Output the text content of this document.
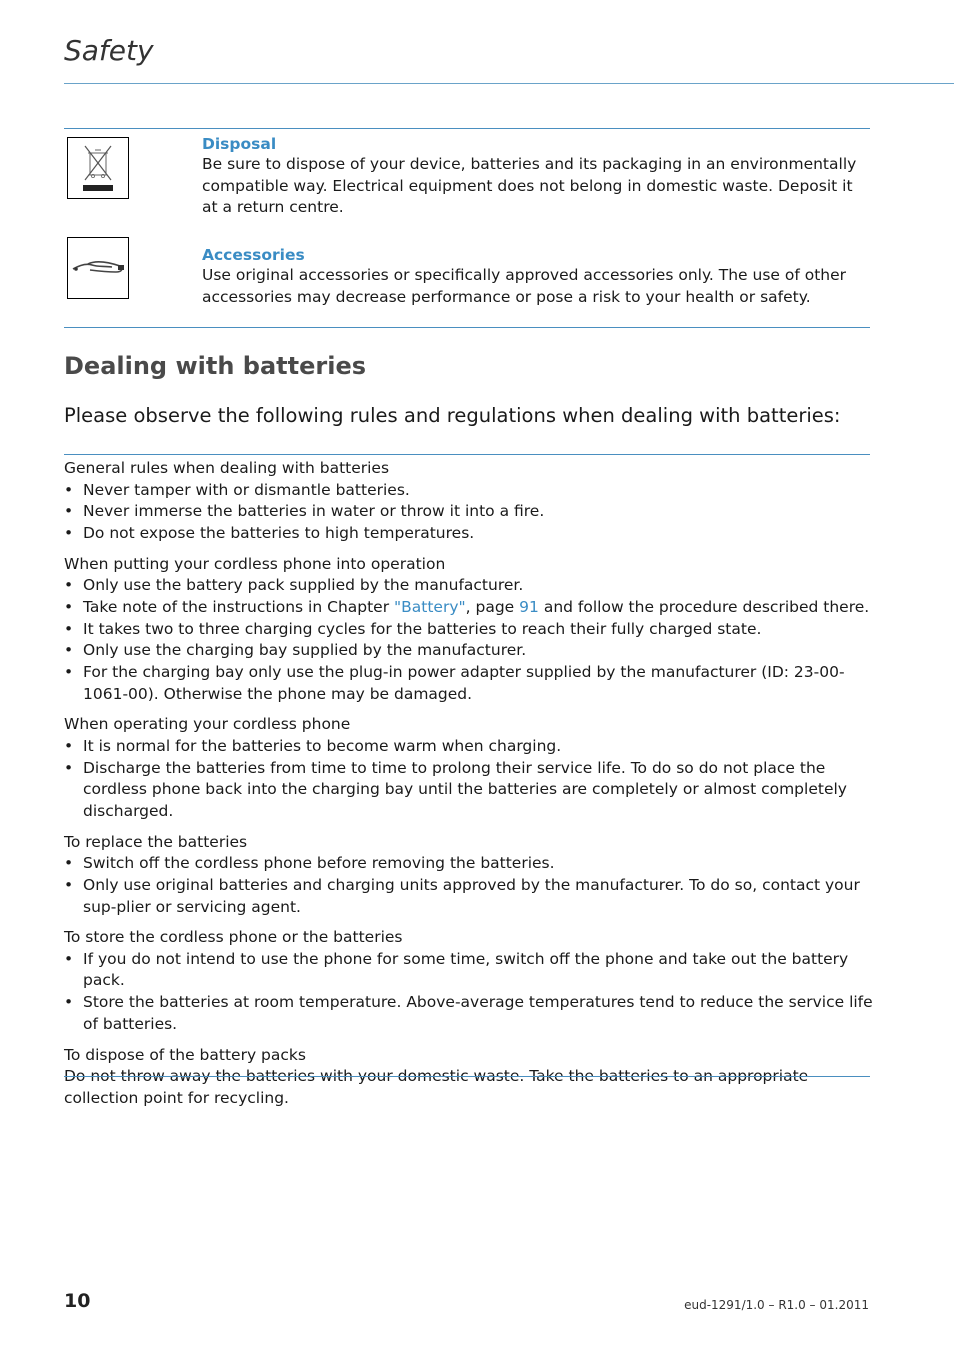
Safety
Disposal
Be sure to dispose of your device, batteries and its packaging in an environmentally compatible way. Electrical equipment does not belong in domestic waste. Deposit it at a return centre.
Accessories
Use original accessories or specifically approved accessories only. The use of other accessories may decrease performance or pose a risk to your health or safety.
Dealing with batteries
Please observe the following rules and regulations when dealing with batteries:
General rules when dealing with batteries
• Never tamper with or dismantle batteries.
• Never immerse the batteries in water or throw it into a fire.
• Do not expose the batteries to high temperatures.
When putting your cordless phone into operation
• Only use the battery pack supplied by the manufacturer.
• Take note of the instructions in Chapter "Battery", page 91 and follow the procedure described there.
• It takes two to three charging cycles for the batteries to reach their fully charged state.
• Only use the charging bay supplied by the manufacturer.
• For the charging bay only use the plug-in power adapter supplied by the manufacturer (ID: 23-00-1061-00). Otherwise the phone may be damaged.
When operating your cordless phone
• It is normal for the batteries to become warm when charging.
• Discharge the batteries from time to time to prolong their service life. To do so do not place the cordless phone back into the charging bay until the batteries are completely or almost completely discharged.
To replace the batteries
• Switch off the cordless phone before removing the batteries.
• Only use original batteries and charging units approved by the manufacturer. To do so, contact your sup-plier or servicing agent.
To store the cordless phone or the batteries
• If you do not intend to use the phone for some time, switch off the phone and take out the battery pack.
• Store the batteries at room temperature. Above-average temperatures tend to reduce the service life of batteries.
To dispose of the battery packs
Do not throw away the batteries with your domestic waste. Take the batteries to an appropriate collection point for recycling.
10	eud-1291/1.0 – R1.0 – 01.2011
